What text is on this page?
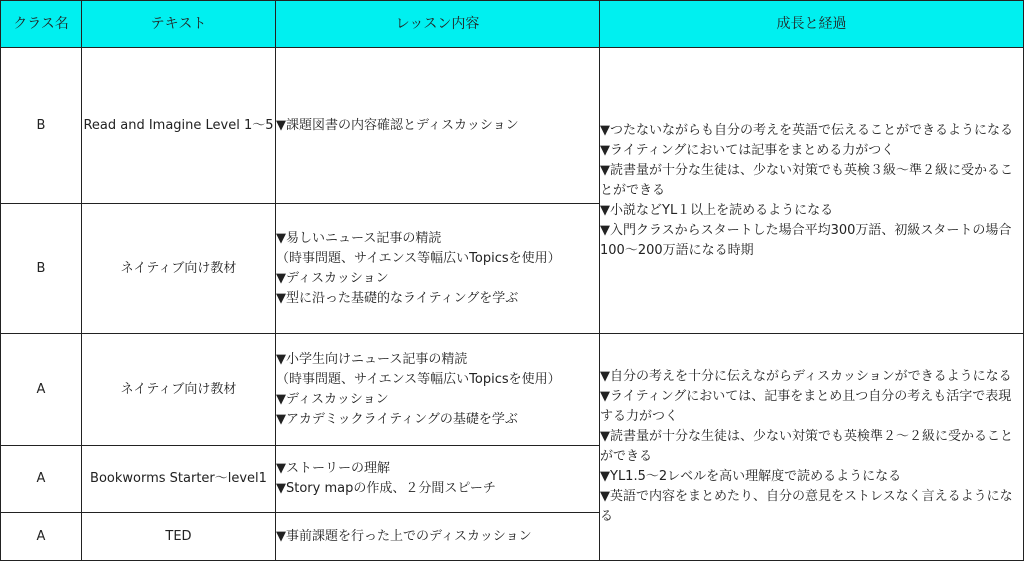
クラス名	テキスト	レッスン内容	成長と経過
B	Read and Imagine Level 1～5	▼課題図書の内容確認とディスカッション	▼つたないながらも自分の考えを英語で伝えることができるようになる
▼ライティングにおいては記事をまとめる力がつく
▼読書量が十分な生徒は、少ない対策でも英検３級～準２級に受かることができる
▼小説などYL１以上を読めるようになる
▼入門クラスからスタートした場合平均300万語、初級スタートの場合100～200万語になる時期

B	ネイティブ向け教材	▼易しいニュース記事の精読
（時事問題、サイエンス等幅広いTopicsを使用）
▼ディスカッション
▼型に沿った基礎的なライティングを学ぶ	

A	ネイティブ向け教材	▼小学生向けニュース記事の精読
（時事問題、サイエンス等幅広いTopicsを使用）
▼ディスカッション
▼アカデミックライティングの基礎を学ぶ	▼自分の考えを十分に伝えながらディスカッションができるようになる
▼ライティングにおいては、記事をまとめ且つ自分の考えも活字で表現する力がつく
▼読書量が十分な生徒は、少ない対策でも英検準２～２級に受かることができる
▼YL1.5～2レベルを高い理解度で読めるようになる
▼英語で内容をまとめたり、自分の意見をストレスなく言えるようになる

A	Bookworms Starter～level1	▼ストーリーの理解
▼Story mapの作成、２分間スピーチ	

A	TED	▼事前課題を行った上でのディスカッション	
